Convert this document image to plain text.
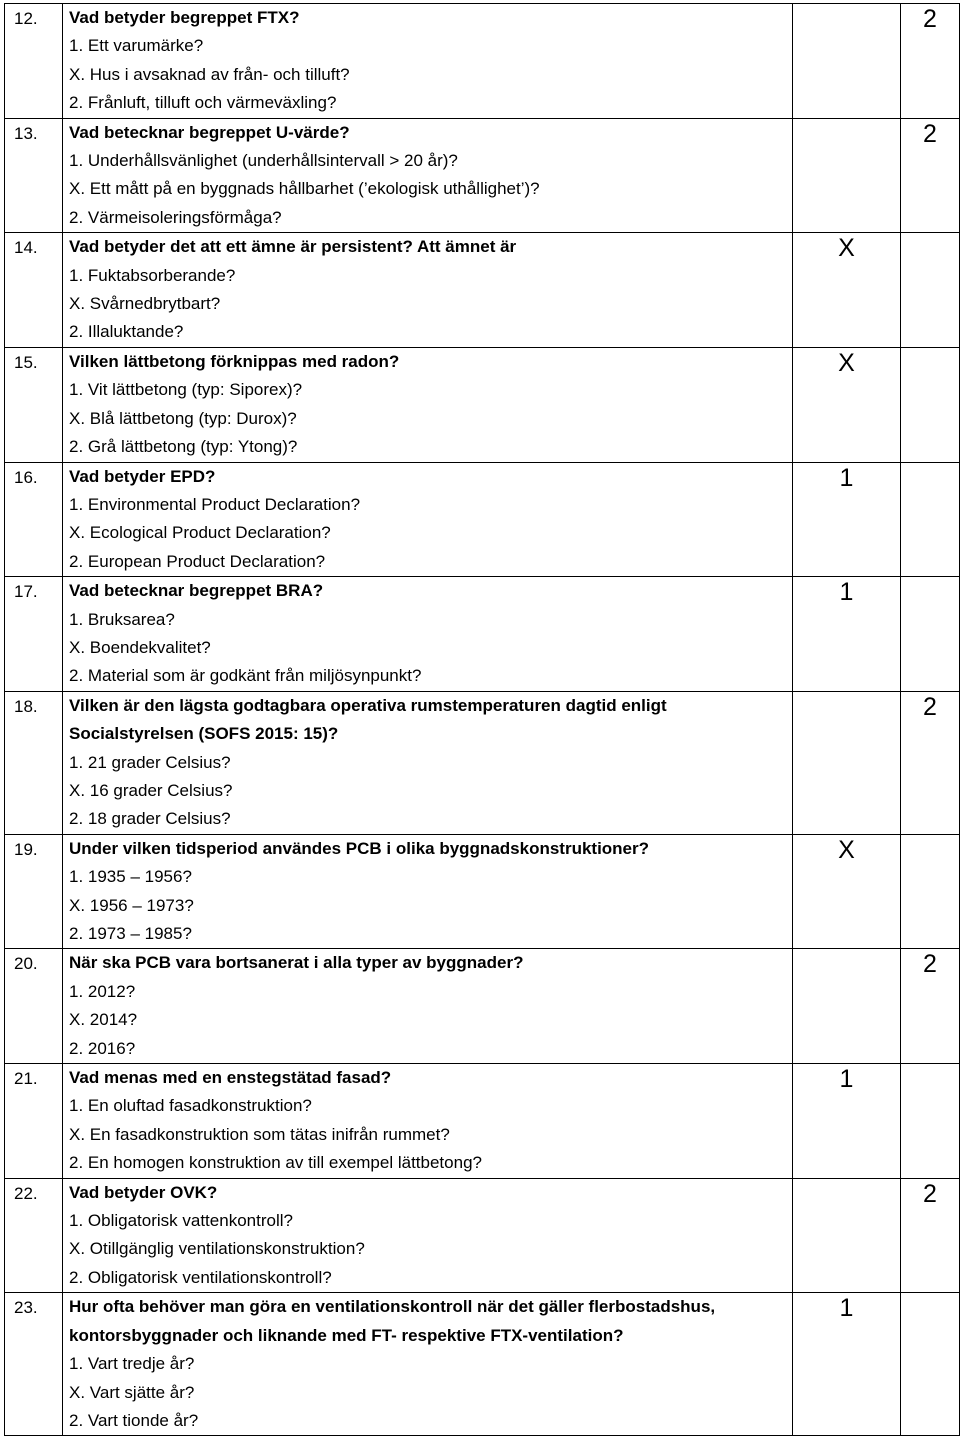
12.	Vad betyder begreppet FTX?
1. Ett varumärke?
X. Hus i avsaknad av från- och tilluft?
2. Frånluft, tilluft och värmeväxling?		2

13.	Vad betecknar begreppet U-värde?
1. Underhållsvänlighet (underhållsintervall > 20 år)?
X. Ett mått på en byggnads hållbarhet (’ekologisk uthållighet’)?
2. Värmeisoleringsförmåga?		2

14.	Vad betyder det att ett ämne är persistent? Att ämnet är
1. Fuktabsorberande?
X. Svårnedbrytbart?
2. Illaluktande?	X	

15.	Vilken lättbetong förknippas med radon?
1. Vit lättbetong (typ: Siporex)?
X. Blå lättbetong (typ: Durox)?
2. Grå lättbetong (typ: Ytong)?	X	

16.	Vad betyder EPD?
1. Environmental Product Declaration?
X. Ecological Product Declaration?
2. European Product Declaration?	1	

17.	Vad betecknar begreppet BRA?
1. Bruksarea?
X. Boendekvalitet?
2. Material som är godkänt från miljösynpunkt?	1	

18.	Vilken är den lägsta godtagbara operativa rumstemperaturen dagtid enligt Socialstyrelsen (SOFS 2015: 15)?
1. 21 grader Celsius?
X. 16 grader Celsius?
2. 18 grader Celsius?		2

19.	Under vilken tidsperiod användes PCB i olika byggnadskonstruktioner?
1. 1935 – 1956?
X. 1956 – 1973?
2. 1973 – 1985?	X	

20.	När ska PCB vara bortsanerat i alla typer av byggnader?
1. 2012?
X. 2014?
2. 2016?		2

21.	Vad menas med en enstegstätad fasad?
1. En oluftad fasadkonstruktion?
X. En fasadkonstruktion som tätas inifrån rummet?
2. En homogen konstruktion av till exempel lättbetong?	1	

22.	Vad betyder OVK?
1. Obligatorisk vattenkontroll?
X. Otillgänglig ventilationskonstruktion?
2. Obligatorisk ventilationskontroll?		2

23.	Hur ofta behöver man göra en ventilationskontroll när det gäller flerbostadshus, kontorsbyggnader och liknande med FT- respektive FTX-ventilation?
1. Vart tredje år?
X. Vart sjätte år?
2. Vart tionde år?	1	
